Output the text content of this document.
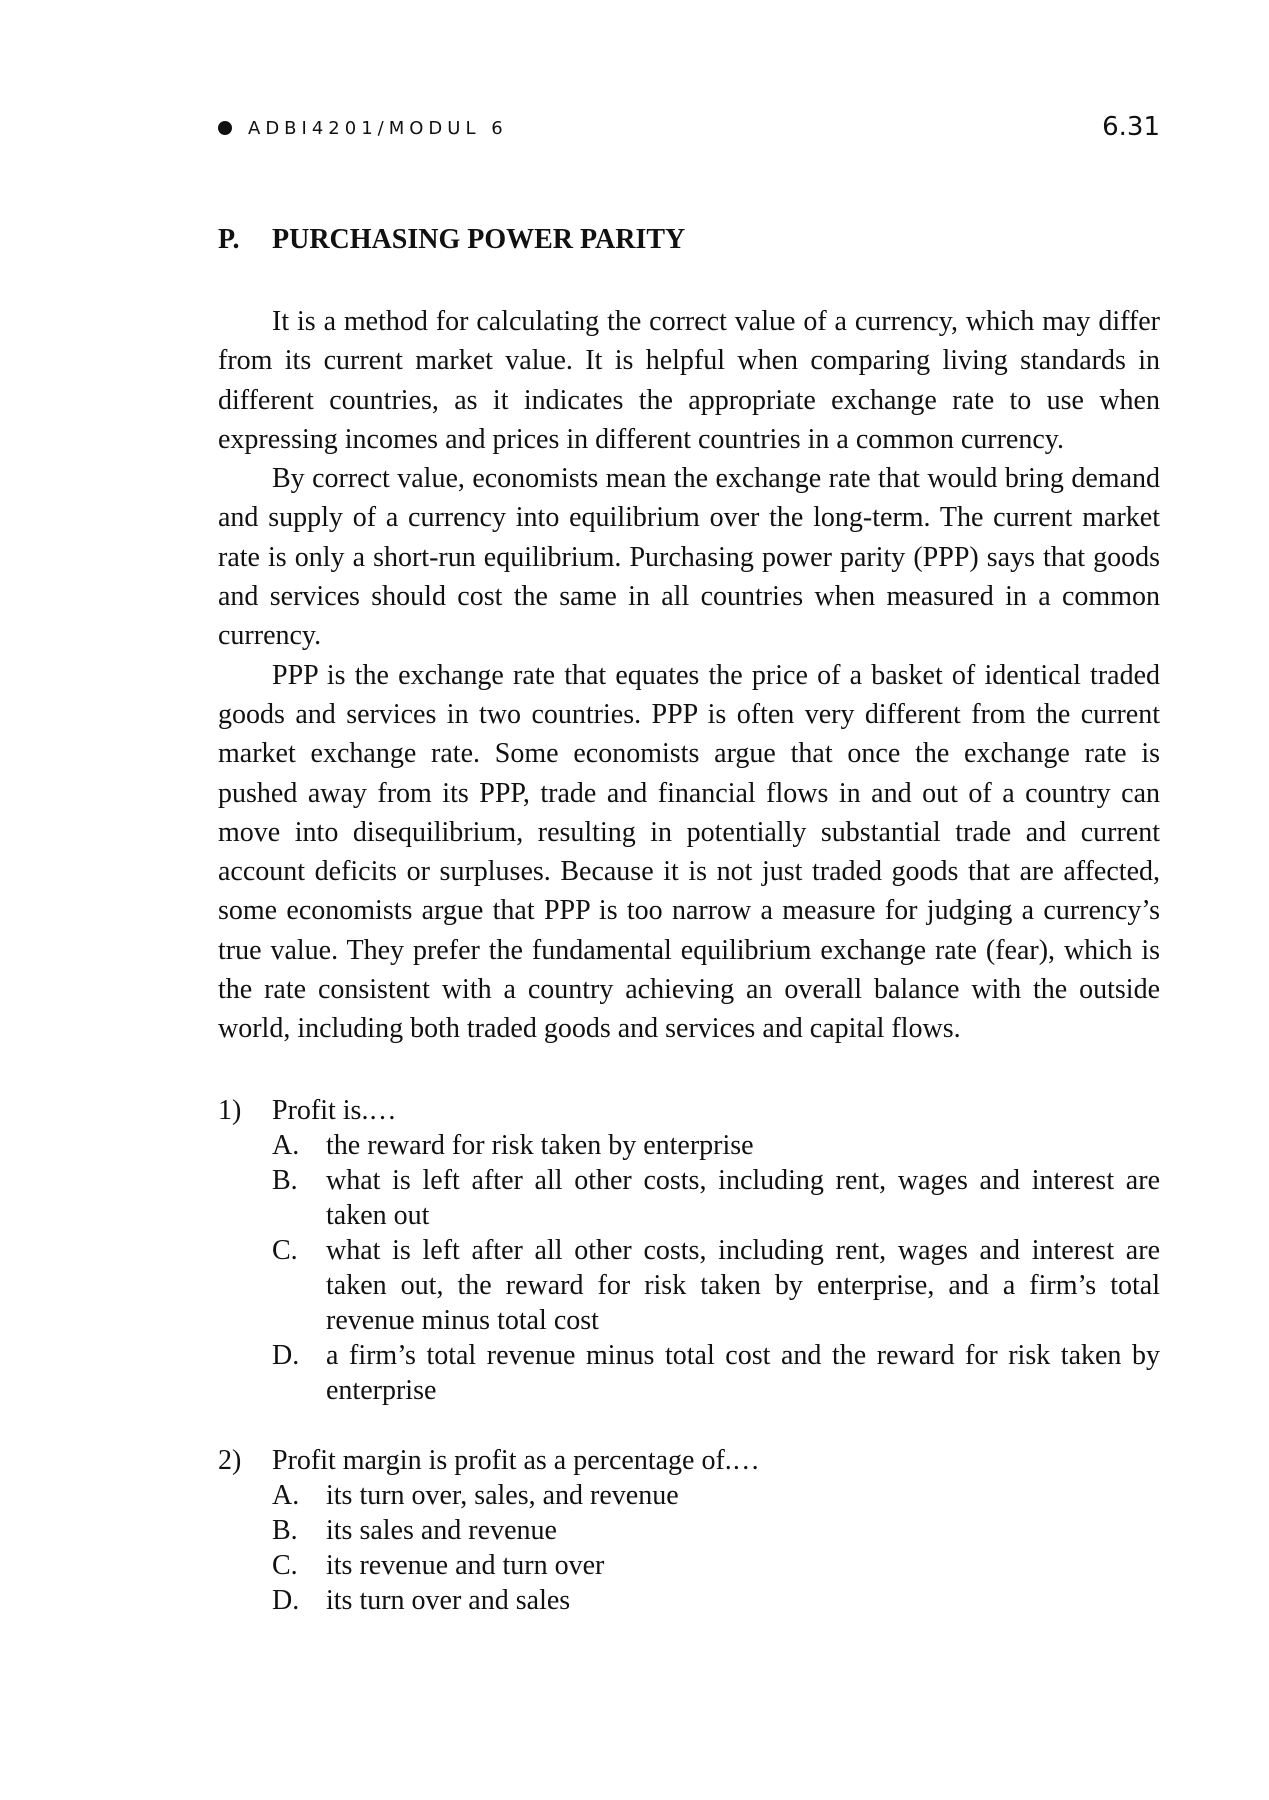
ADBI4201/MODUL 6	6.31
P.	PURCHASING POWER PARITY

It is a method for calculating the correct value of a currency, which may differ from its current market value. It is helpful when comparing living standards in different countries, as it indicates the appropriate exchange rate to use when expressing incomes and prices in different countries in a common currency.

By correct value, economists mean the exchange rate that would bring demand and supply of a currency into equilibrium over the long-term. The current market rate is only a short-run equilibrium. Purchasing power parity (PPP) says that goods and services should cost the same in all countries when measured in a common currency.

PPP is the exchange rate that equates the price of a basket of identical traded goods and services in two countries. PPP is often very different from the current market exchange rate. Some economists argue that once the exchange rate is pushed away from its PPP, trade and financial flows in and out of a country can move into disequilibrium, resulting in potentially substantial trade and current account deficits or surpluses. Because it is not just traded goods that are affected, some economists argue that PPP is too narrow a measure for judging a currency’s true value. They prefer the fundamental equilibrium exchange rate (fear), which is the rate consistent with a country achieving an overall balance with the outside world, including both traded goods and services and capital flows.

1)	Profit is.…
A. the reward for risk taken by enterprise
B.	what is left after all other costs, including rent, wages and interest are taken out
C.	what is left after all other costs, including rent, wages and interest are taken out, the reward for risk taken by enterprise, and a firm’s total revenue minus total cost
D. a firm’s total revenue minus total cost and the reward for risk taken by enterprise
2)	Profit margin is profit as a percentage of.…
A. its turn over, sales, and revenue
B.	its sales and revenue
C.	its revenue and turn over
D. its turn over and sales
